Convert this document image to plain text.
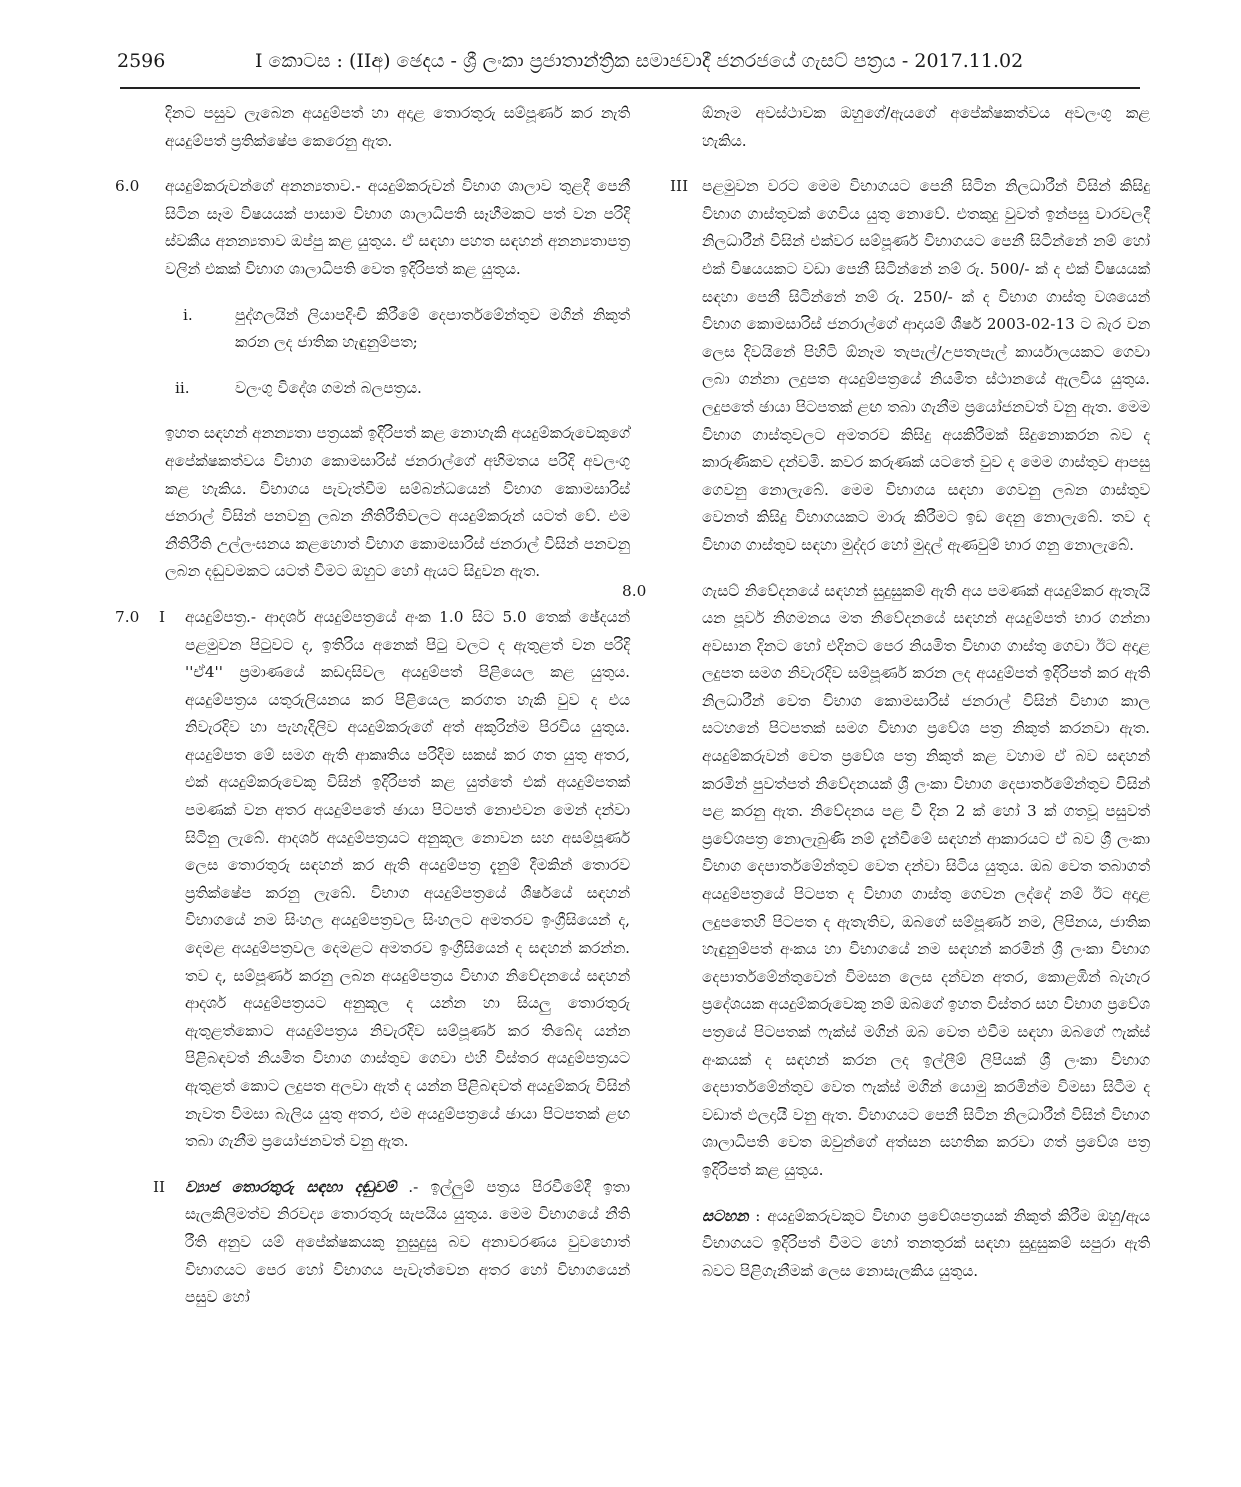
2596	I කොටස : (IIඅ) ඡෙදය - ශ්‍රී ලංකා ප්‍රජාතාන්ත්‍රික සමාජවාදී ජනරජයේ ගැසට් පත්‍රය - 2017.11.02
දිනට පසුව ලැබෙන අයදුම්පත් හා අදාළ තොරතුරු සම්පූර්ණ කර නැති අයදුම්පත් ප්‍රතික්ෂේප කෙරෙනු ඇත.
6.0 අයදුම්කරුවන්ගේ අනන්‍යතාව.- අයදුම්කරුවන් විභාග ශාලාව තුළදී පෙනී සිටින සෑම විෂයයක් පාසාම විභාග ශාලාධිපති සෑහීමකට පත් වන පරිදි ස්වකීය අනන්‍යතාව ඔප්පු කළ යුතුය. ඒ සඳහා පහත සඳහන් අනන්‍යතාපත්‍ර වලින් එකක් විභාග ශාලාධිපති වෙත ඉදිරිපත් කළ යුතුය.
i.	පුද්ගලයින් ලියාපදිංචි කිරීමේ දෙපාර්තමේන්තුව මගින් නිකුත් කරන ලද ජාතික හැඳුනුම්පත;
ii.	වලංගු විදේශ ගමන් බලපත්‍රය.
ඉහත සඳහන් අනන්‍යතා පත්‍රයක් ඉදිරිපත් කළ නොහැකි අයදුම්කරුවෙකුගේ අපේක්ෂකත්වය විභාග කොමසාරිස් ජනරාල්ගේ අභිමතය පරිදි අවලංගු කළ හැකිය. විභාගය පැවැත්වීම සම්බන්ධයෙන් විභාග කොමසාරිස් ජනරාල් විසින් පනවනු ලබන නීතිරීතිවලට අයදුම්කරුන් යටත් වේ. එම නීතිරීති උල්ලංඝනය කළහොත් විභාග කොමසාරිස් ජනරාල් විසින් පනවනු ලබන දඬුවමකට යටත් වීමට ඔහුට හෝ ඇයට සිදුවන ඇත.
7.0 I අයදුම්පත්‍ර.- ආදර්ශ අයදුම්පත්‍රයේ අංක 1.0 සිට 5.0 තෙක් ඡේදයන් පළමුවන පිටුවට ද, ඉතිරිය අනෙක් පිටු වලට ද ඇතුළත් වන පරිදි ''ඒ4'' ප්‍රමාණයේ කඩදාසිවල අයදුම්පත් පිළියෙල කළ යුතුය. අයදුම්පත්‍රය යතුරුලියනය කර පිළියෙල කරගත හැකි වුව ද එය නිවැරදිව හා පැහැදිලිව අයදුම්කරුගේ අත් අකුරින්ම පිරවිය යුතුය. අයදුම්පත මේ සමග ඇති ආකෘතිය පරිදිම සකස් කර ගත යුතු අතර, එක් අයදුම්කරුවෙකු විසින් ඉදිරිපත් කළ යුත්තේ එක් අයදුම්පතක් පමණක් වන අතර අයදුම්පතේ ඡායා පිටපත් නොඑවන මෙන් දන්වා සිටිනු ලැබේ. ආදර්ශ අයදුම්පත්‍රයට අනුකූල නොවන සහ අසම්පූර්ණ ලෙස තොරතුරු සඳහන් කර ඇති අයදුම්පත්‍ර දැනුම් දීමකින් තොරව ප්‍රතික්ෂේප කරනු ලැබේ. විභාග අයදුම්පත්‍රයේ ශීර්ෂයේ සඳහන් විභාගයේ නම සිංහල අයදුම්පත්‍රවල සිංහලට අමතරව ඉංග්‍රීසියෙන් ද, දෙමළ අයදුම්පත්‍රවල දෙමළට අමතරව ඉංග්‍රීසියෙන් ද සඳහන් කරන්න. තව ද, සම්පූර්ණ කරනු ලබන අයදුම්පත්‍රය විභාග නිවේදනයේ සඳහන් ආදර්ශ අයදුම්පත්‍රයට අනුකූල ද යන්න හා සියලු තොරතුරු ඇතුළත්කොට අයදුම්පත්‍රය නිවැරදිව සම්පූර්ණ කර තිබේද යන්න පිළිබඳවත් නියමිත විභාග ගාස්තුව ගෙවා එහි විස්තර අයදුම්පත්‍රයට ඇතුළත් කොට ලදුපත අලවා ඇත් ද යන්න පිළිබඳවත් අයදුම්කරු විසින් නැවත විමසා බැලිය යුතු අතර, එම අයදුම්පත්‍රයේ ඡායා පිටපතක් ළඟ තබා ගැනීම ප්‍රයෝජනවත් වනු ඇත.
II ව්‍යාජ තොරතුරු සඳහා දඬුවම් .- ඉල්ලුම් පත්‍රය පිරවීමේදී ඉතා සැලකිලිමත්ව නිරවද්‍ය තොරතුරු සැපයිය යුතුය. මෙම විභාගයේ නීති රීති අනුව යම් අපේක්ෂකයකු නුසුදුසු බව අනාවරණය වුවහොත් විභාගයට පෙර හෝ විභාගය පැවැත්වෙන අතර හෝ විභාගයෙන් පසුව හෝ
ඕනෑම අවස්ථාවක ඔහුගේ/ඇයගේ අපේක්ෂකත්වය අවලංගු කළ හැකිය.
III පළමුවන වරට මෙම විභාගයට පෙනී සිටින නිලධාරීන් විසින් කිසිදු විභාග ගාස්තුවක් ගෙවිය යුතු නොවේ. එතකුදු වුවත් ඉන්පසු වාරවලදී නිලධාරීන් විසින් එක්වර සම්පූර්ණ විභාගයට පෙනී සිටින්නේ නම් හෝ එක් විෂයයකට වඩා පෙනී සිටින්නේ නම් රු. 500/- ක් ද එක් විෂයයක් සඳහා පෙනී සිටින්නේ නම් රු. 250/- ක් ද විභාග ගාස්තු වශයෙන් විභාග කොමසාරිස් ජනරාල්ගේ ආදායම් ශීර්ෂ 2003-02-13 ට බැර වන ලෙස දිවයිනේ පිහිටි ඕනෑම තැපැල්/උපතැපැල් කාර්යාලයකට ගෙවා ලබා ගන්නා ලදුපත අයදුම්පත්‍රයේ නියමිත ස්ථානයේ ඇලවිය යුතුය. ලදුපතේ ඡායා පිටපතක් ළඟ තබා ගැනීම ප්‍රයෝජනවත් වනු ඇත. මෙම විභාග ගාස්තුවලට අමතරව කිසිදු අයකිරීමක් සිදුනොකරන බව ද කාරුණිකව දන්වමි. කවර කරුණක් යටතේ වුව ද මෙම ගාස්තුව ආපසු ගෙවනු නොලැබේ. මෙම විභාගය සඳහා ගෙවනු ලබන ගාස්තුව වෙනත් කිසිදු විභාගයකට මාරු කිරීමට ඉඩ දෙනු නොලැබේ. තව ද විභාග ගාස්තුව සඳහා මුද්දර හෝ මුදල් ඇණවුම් භාර ගනු නොලැබේ.
8.0	ගැසට් නිවේදනයේ සඳහන් සුදුසුකම් ඇති අය පමණක් අයදුම්කර ඇතැයි යන පූර්ව නිගමනය මත නිවේදනයේ සඳහන් අයදුම්පත් භාර ගන්නා අවසාන දිනට හෝ එදිනට පෙර නියමිත විභාග ගාස්තු ගෙවා ඊට අදාළ ලදුපත සමග නිවැරදිව සම්පූර්ණ කරන ලද අයදුම්පත් ඉදිරිපත් කර ඇති නිලධාරීන් වෙත විභාග කොමසාරිස් ජනරාල් විසින් විභාග කාල සටහනේ පිටපතක් සමග විභාග ප්‍රවේශ පත්‍ර නිකුත් කරනවා ඇත. අයදුම්කරුවන් වෙත ප්‍රවේශ පත්‍ර නිකුත් කළ වහාම ඒ බව සඳහන් කරමින් පුවත්පත් නිවේදනයක් ශ්‍රී ලංකා විභාග දෙපාර්තමේන්තුව විසින් පළ කරනු ඇත. නිවේදනය පළ වී දින 2 ක් හෝ 3 ක් ගතවූ පසුවත් ප්‍රවේශපත්‍ර නොලැබුණි නම් දැන්වීමේ සඳහන් ආකාරයට ඒ බව ශ්‍රී ලංකා විභාග දෙපාර්තමේන්තුව වෙත දන්වා සිටිය යුතුය. ඔබ වෙත තබාගත් අයදුම්පත්‍රයේ පිටපත ද විභාග ගාස්තු ගෙවන ලද්දේ නම් ඊට අදාළ ලදුපතෙහි පිටපත ද ඇතැතිව, ඔබගේ සම්පූර්ණ නම, ලිපිනය, ජාතික හැඳුනුම්පත් අංකය හා විභාගයේ නම සඳහන් කරමින් ශ්‍රී ලංකා විභාග දෙපාර්තමේන්තුවෙන් විමසන ලෙස දන්වන අතර, කොළඹින් බැහැර ප්‍රදේශයක අයදුම්කරුවෙකු නම් ඔබගේ ඉහත විස්තර සහ විභාග ප්‍රවේශ පත්‍රයේ පිටපතක් ෆැක්ස් මගින් ඔබ වෙත එවීම සඳහා ඔබගේ ෆැක්ස් අංකයක් ද සඳහන් කරන ලද ඉල්ලීම් ලිපියක් ශ්‍රී ලංකා විභාග දෙපාර්තමේන්තුව වෙත ෆැක්ස් මගින් යොමු කරමින්ම විමසා සිටීම ද වඩාත් ඵලදායී වනු ඇත. විභාගයට පෙනී සිටින නිලධාරීන් විසින් විභාග ශාලාධිපති වෙත ඔවුන්ගේ අත්සන සහතික කරවා ගත් ප්‍රවේශ පත්‍ර ඉදිරිපත් කළ යුතුය.
සටහන : අයදුම්කරුවකුට විභාග ප්‍රවේශපත්‍රයක් නිකුත් කිරීම ඔහු/ඇය විභාගයට ඉදිරිපත් වීමට හෝ තනතුරක් සඳහා සුදුසුකම් සපුරා ඇති බවට පිළිගැනීමක් ලෙස නොසැලකිය යුතුය.
